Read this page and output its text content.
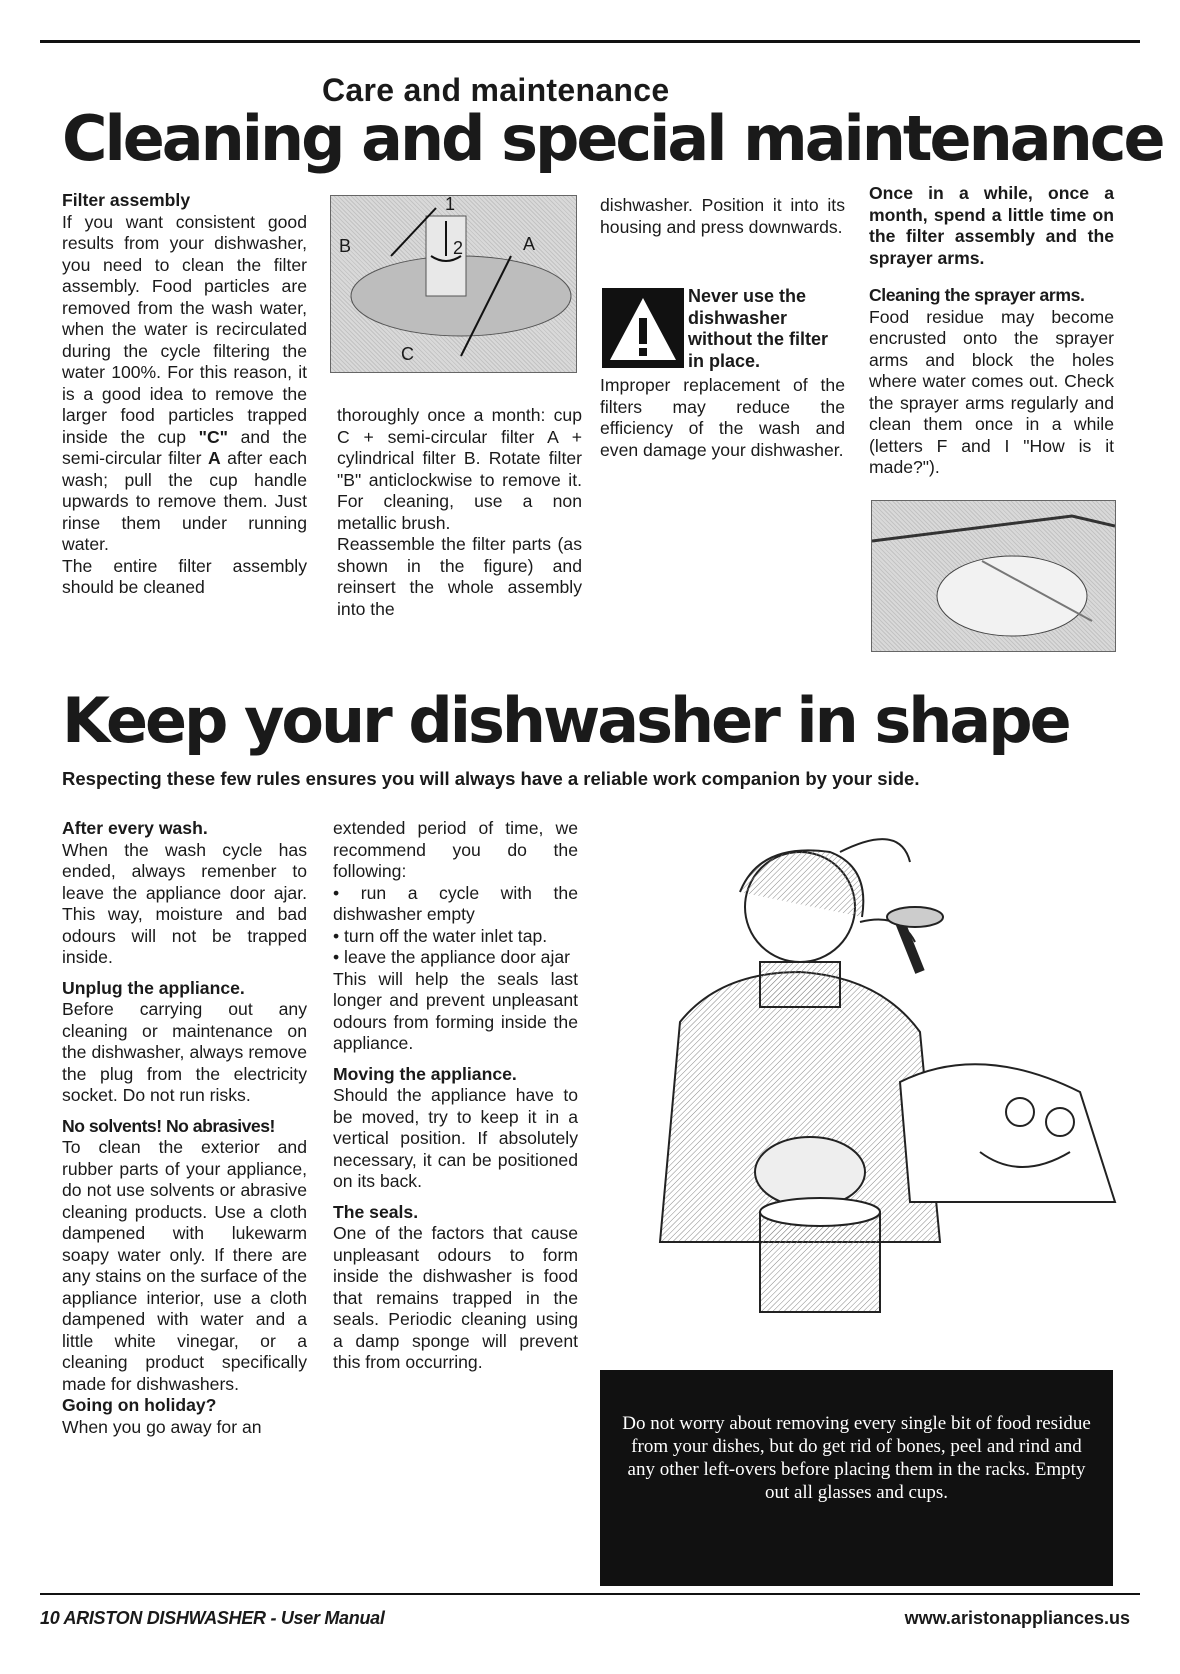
Care and maintenance
Cleaning and special maintenance

Filter assembly
If you want consistent good results from your dishwasher, you need to clean the filter assembly. Food particles are removed from the wash water, when the water is recirculated during the cycle filtering the water 100%. For this reason, it is a good idea to remove the larger food particles trapped inside the cup "C" and the semi-circular filter A after each wash; pull the cup handle upwards to remove them. Just rinse them under running water.

The entire filter assembly should be cleaned

1
2	A
B
C

thoroughly once a month: cup C + semi-circular filter A + cylindrical filter B. Rotate filter "B" anticlockwise to remove it. For cleaning, use a non metallic brush.

Reassemble the filter parts (as shown in the figure) and reinsert the whole assembly into the

dishwasher. Position it into its housing and press downwards.

Never use the dishwasher without the filter in place.
Improper replacement of the filters may reduce the efficiency of the wash and even damage your dishwasher.
Once in a while, once a month, spend a little time on the filter assembly and the sprayer arms.

Cleaning the sprayer arms.
Food residue may become encrusted onto the sprayer arms and block the holes where water comes out. Check the sprayer arms regularly and clean them once in a while (letters F and I "How is it made?").

Keep your dishwasher in shape
Respecting these few rules ensures you will always have a reliable work companion by your side.

After every wash.
When the wash cycle has ended, always remenber to leave the appliance door ajar. This way, moisture and bad odours will not be trapped inside.

Unplug the appliance.
Before carrying out any cleaning or maintenance on the dishwasher, always remove the plug from the electricity socket. Do not run risks.

No solvents! No abrasives!
To clean the exterior and rubber parts of your appliance, do not use solvents or abrasive cleaning products. Use a cloth dampened with lukewarm soapy water only. If there are any stains on the surface of the appliance interior, use a cloth dampened with water and a little white vinegar, or a cleaning product specifically made for dishwashers.

Going on holiday?
When you go away for an

extended period of time, we recommend you do the following:

• run a cycle with the dishwasher empty

• turn off the water inlet tap.

• leave the appliance door ajar

This will help the seals last longer and prevent unpleasant odours from forming inside the appliance.

Moving the appliance.
Should the appliance have to be moved, try to keep it in a vertical position. If absolutely necessary, it can be positioned on its back.

The seals.
One of the factors that cause unpleasant odours to form inside the dishwasher is food that remains trapped in the seals. Periodic cleaning using a damp sponge will prevent this from occurring.

Do not worry about removing every single bit of food residue from your dishes, but do get rid of bones, peel and rind and any other left-overs before placing them in the racks. Empty out all glasses and cups.
10 ARISTON DISHWASHER - User Manual	www.aristonappliances.us
